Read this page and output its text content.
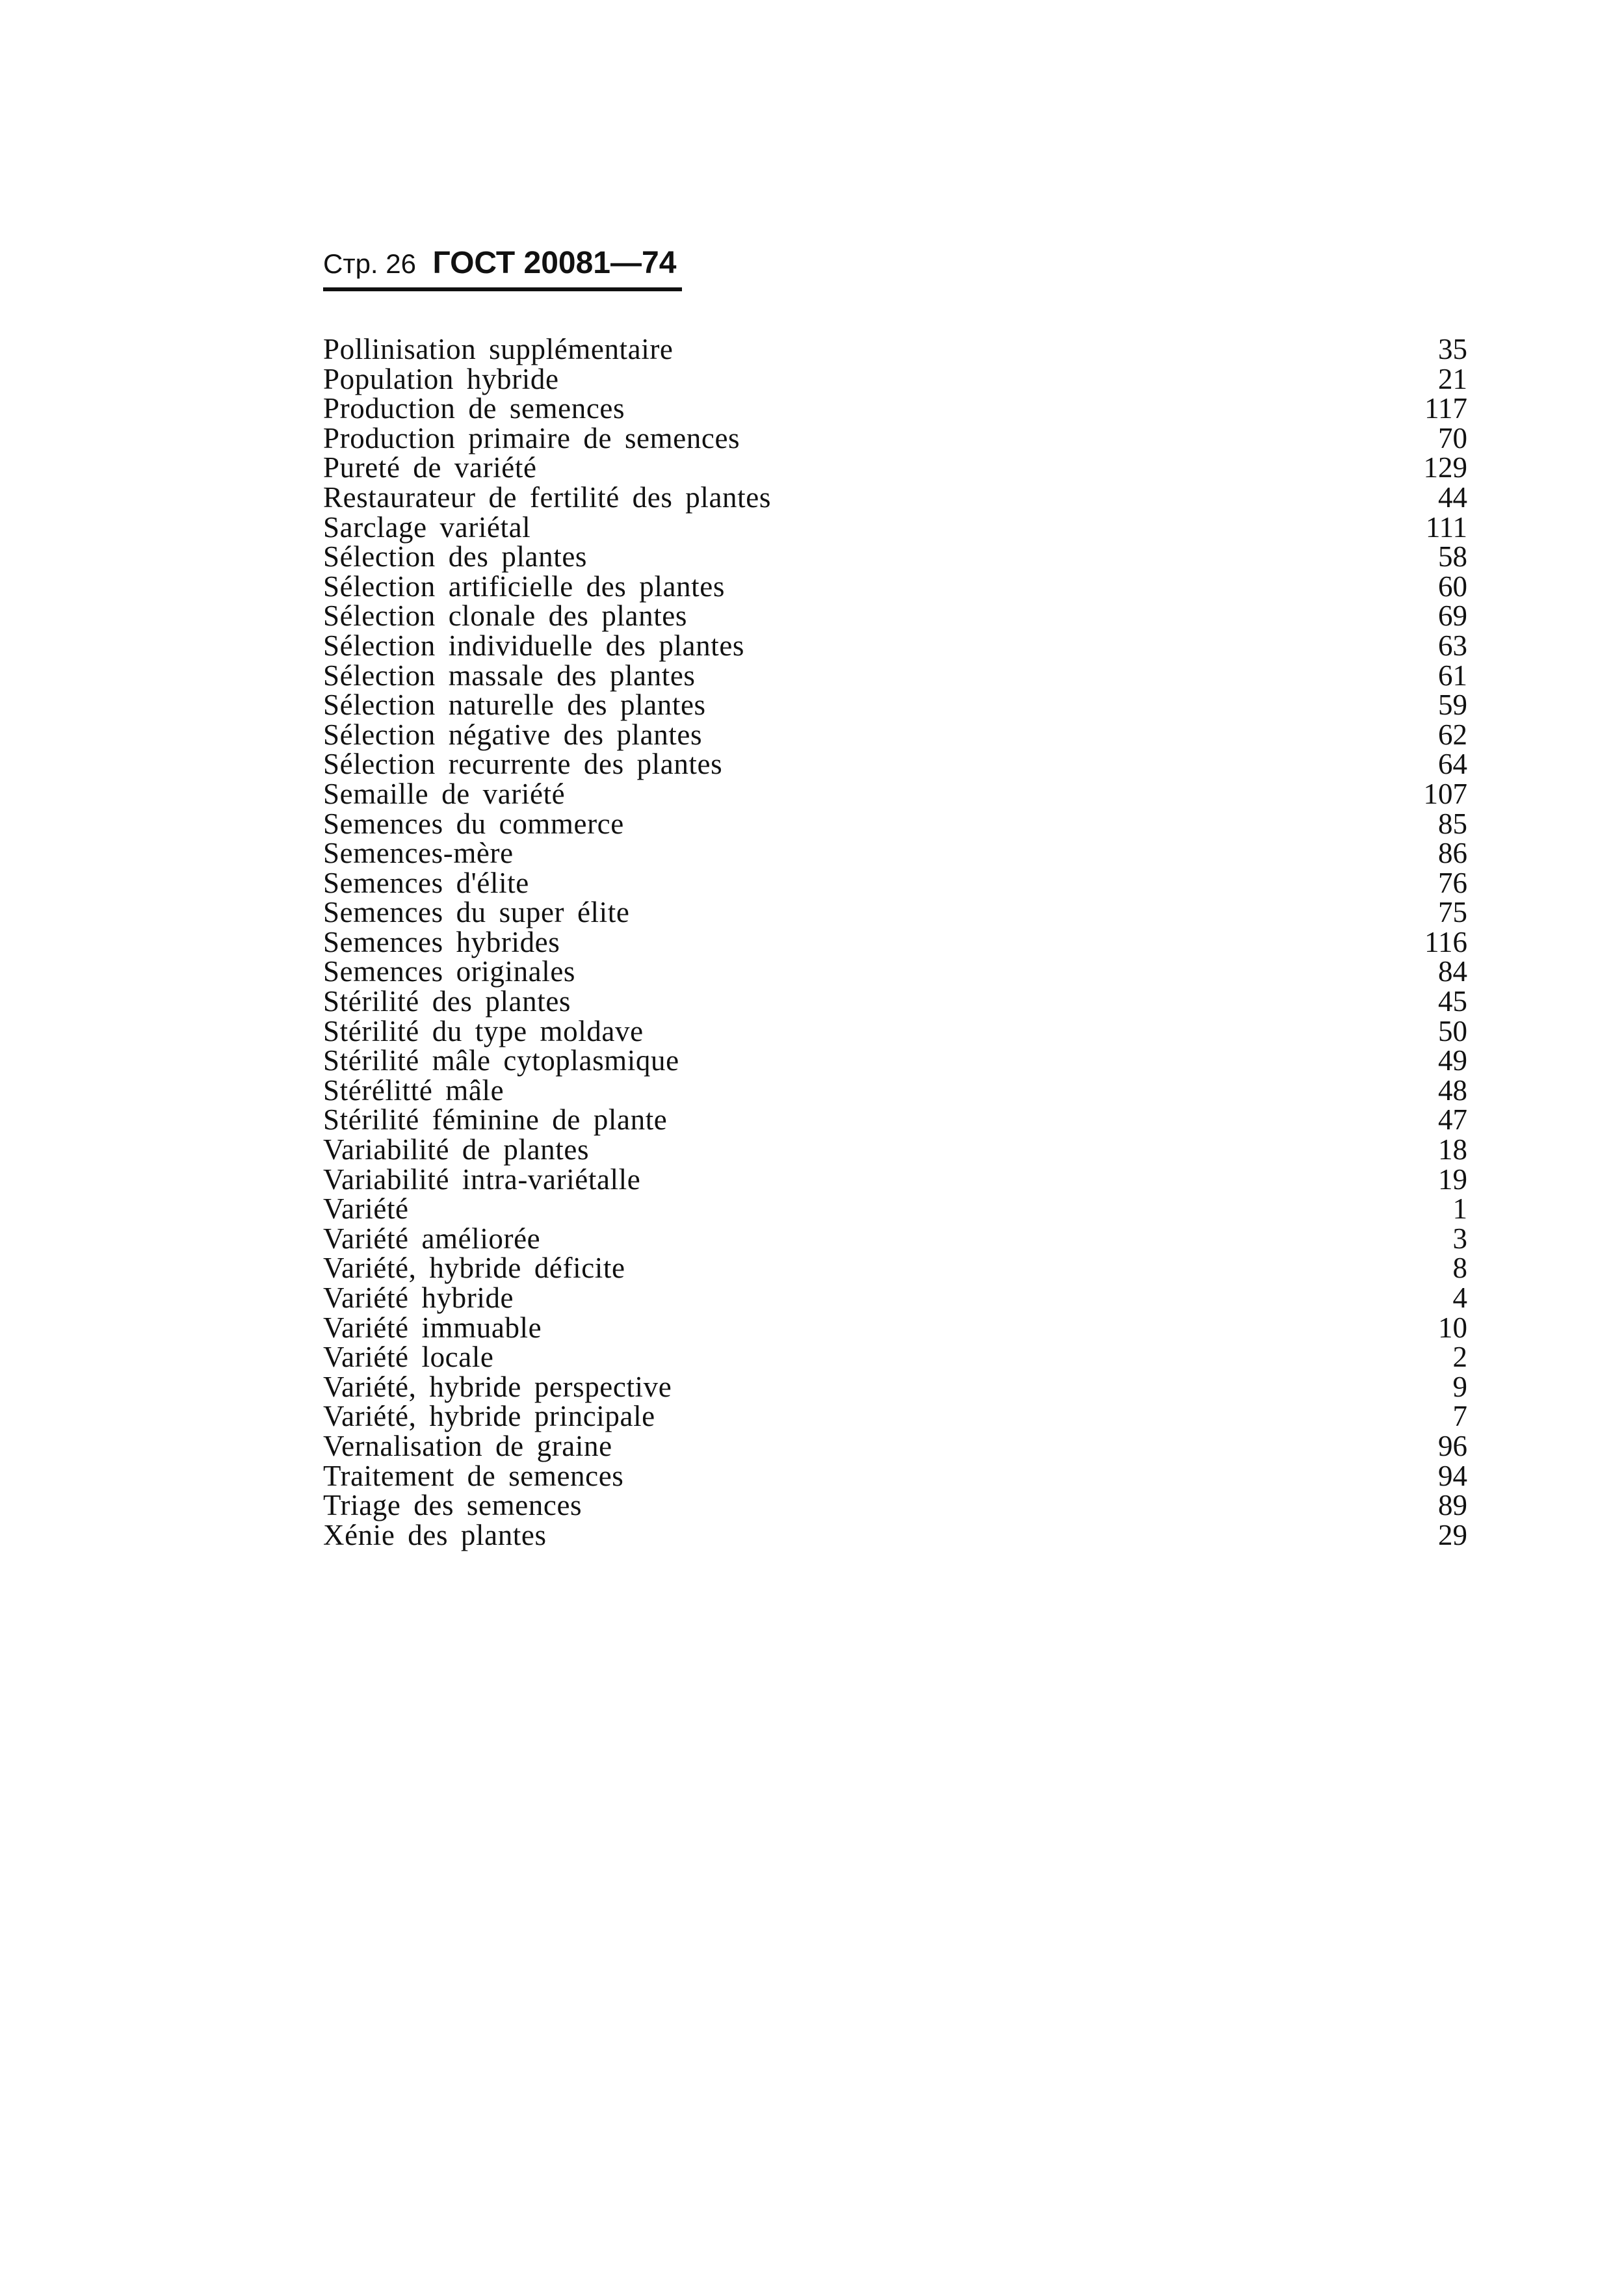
Стр. 26 ГОСТ 20081—74
Pollinisation supplémentaire	35
Population hybride	21
Production de semences	117
Production primaire de semences	70
Pureté de variété	129
Restaurateur de fertilité des plantes	44
Sarclage variétal	111
Sélection des plantes	58
Sélection artificielle des plantes	60
Sélection clonale des plantes	69
Sélection individuelle des plantes	63
Sélection massale des plantes	61
Sélection naturelle des plantes	59
Sélection négative des plantes	62
Sélection recurrente des plantes	64
Semaille de variété	107
Semences du commerce	85
Semences-mère	86
Semences d'élite	76
Semences du super élite	75
Semences hybrides	116
Semences originales	84
Stérilité des plantes	45
Stérilité du type moldave	50
Stérilité mâle cytoplasmique	49
Stérélitté mâle	48
Stérilité féminine de plante	47
Variabilité de plantes	18
Variabilité intra-variétalle	19
Variété	1
Variété améliorée	3
Variété, hybride déficite	8
Variété hybride	4
Variété immuable	10
Variété locale	2
Variété, hybride perspective	9
Variété, hybride principale	7
Vernalisation de graine	96
Traitement de semences	94
Triage des semences	89
Xénie des plantes	29
